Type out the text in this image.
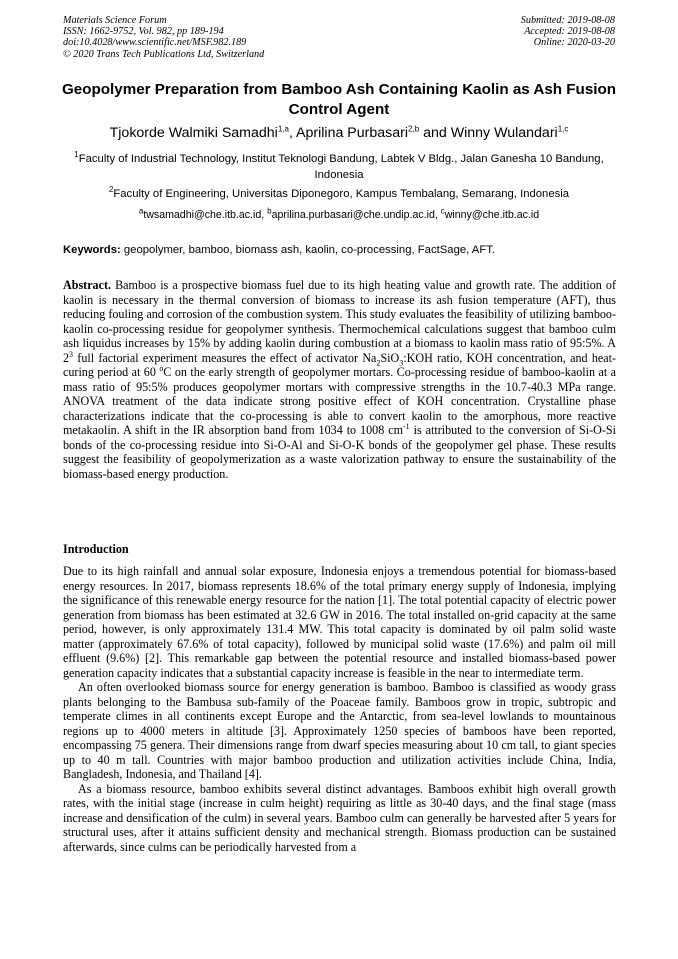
Materials Science Forum
ISSN: 1662-9752, Vol. 982, pp 189-194
doi:10.4028/www.scientific.net/MSF.982.189
© 2020 Trans Tech Publications Ltd, Switzerland
Submitted: 2019-08-08
Accepted: 2019-08-08
Online: 2020-03-20
Geopolymer Preparation from Bamboo Ash Containing Kaolin as Ash Fusion Control Agent
Tjokorde Walmiki Samadhi$^{1,a}$, Aprilina Purbasari$^{2,b}$ and Winny Wulandari$^{1,c}$
$^1$Faculty of Industrial Technology, Institut Teknologi Bandung, Labtek V Bldg., Jalan Ganesha 10 Bandung, Indonesia
$^2$Faculty of Engineering, Universitas Diponegoro, Kampus Tembalang, Semarang, Indonesia
$^a$twsamadhi@che.itb.ac.id, $^b$aprilina.purbasari@che.undip.ac.id, $^c$winny@che.itb.ac.id
Keywords: geopolymer, bamboo, biomass ash, kaolin, co-processing, FactSage, AFT.
Abstract. Bamboo is a prospective biomass fuel due to its high heating value and growth rate. The addition of kaolin is necessary in the thermal conversion of biomass to increase its ash fusion temperature (AFT), thus reducing fouling and corrosion of the combustion system. This study evaluates the feasibility of utilizing bamboo-kaolin co-processing residue for geopolymer synthesis. Thermochemical calculations suggest that bamboo culm ash liquidus increases by 15% by adding kaolin during combustion at a biomass to kaolin mass ratio of 95:5%. A $2^3$ full factorial experiment measures the effect of activator $Na_2SiO_3:KOH$ ratio, KOH concentration, and heat-curing period at 60 $^o$C on the early strength of geopolymer mortars. Co-processing residue of bamboo-kaolin at a mass ratio of 95:5% produces geopolymer mortars with compressive strengths in the 10.7-40.3 MPa range. ANOVA treatment of the data indicate strong positive effect of KOH concentration. Crystalline phase characterizations indicate that the co-processing is able to convert kaolin to the amorphous, more reactive metakaolin. A shift in the IR absorption band from 1034 to 1008 $cm^{-1}$ is attributed to the conversion of Si-O-Si bonds of the co-processing residue into Si-O-Al and Si-O-K bonds of the geopolymer gel phase. These results suggest the feasibility of geopolymerization as a waste valorization pathway to ensure the sustainability of the biomass-based energy production.
Introduction

Due to its high rainfall and annual solar exposure, Indonesia enjoys a tremendous potential for biomass-based energy resources. In 2017, biomass represents 18.6% of the total primary energy supply of Indonesia, implying the significance of this renewable energy resource for the nation [1]. The total potential capacity of electric power generation from biomass has been estimated at 32.6 GW in 2016. The total installed on-grid capacity at the same period, however, is only approximately 131.4 MW. This total capacity is dominated by oil palm solid waste matter (approximately 67.6% of total capacity), followed by municipal solid waste (17.6%) and palm oil mill effluent (9.6%) [2]. This remarkable gap between the potential resource and installed biomass-based power generation capacity indicates that a substantial capacity increase is feasible in the near to intermediate term.

An often overlooked biomass source for energy generation is bamboo. Bamboo is classified as woody grass plants belonging to the Bambusa sub-family of the Poaceae family. Bamboos grow in tropic, subtropic and temperate climes in all continents except Europe and the Antarctic, from sea-level lowlands to mountainous regions up to 4000 meters in altitude [3]. Approximately 1250 species of bamboos have been reported, encompassing 75 genera. Their dimensions range from dwarf species measuring about 10 cm tall, to giant species up to 40 m tall. Countries with major bamboo production and utilization activities include China, India, Bangladesh, Indonesia, and Thailand [4].

As a biomass resource, bamboo exhibits several distinct advantages. Bamboos exhibit high overall growth rates, with the initial stage (increase in culm height) requiring as little as 30-40 days, and the final stage (mass increase and densification of the culm) in several years. Bamboo culm can generally be harvested after 5 years for structural uses, after it attains sufficient density and mechanical strength. Biomass production can be sustained afterwards, since culms can be periodically harvested from a
